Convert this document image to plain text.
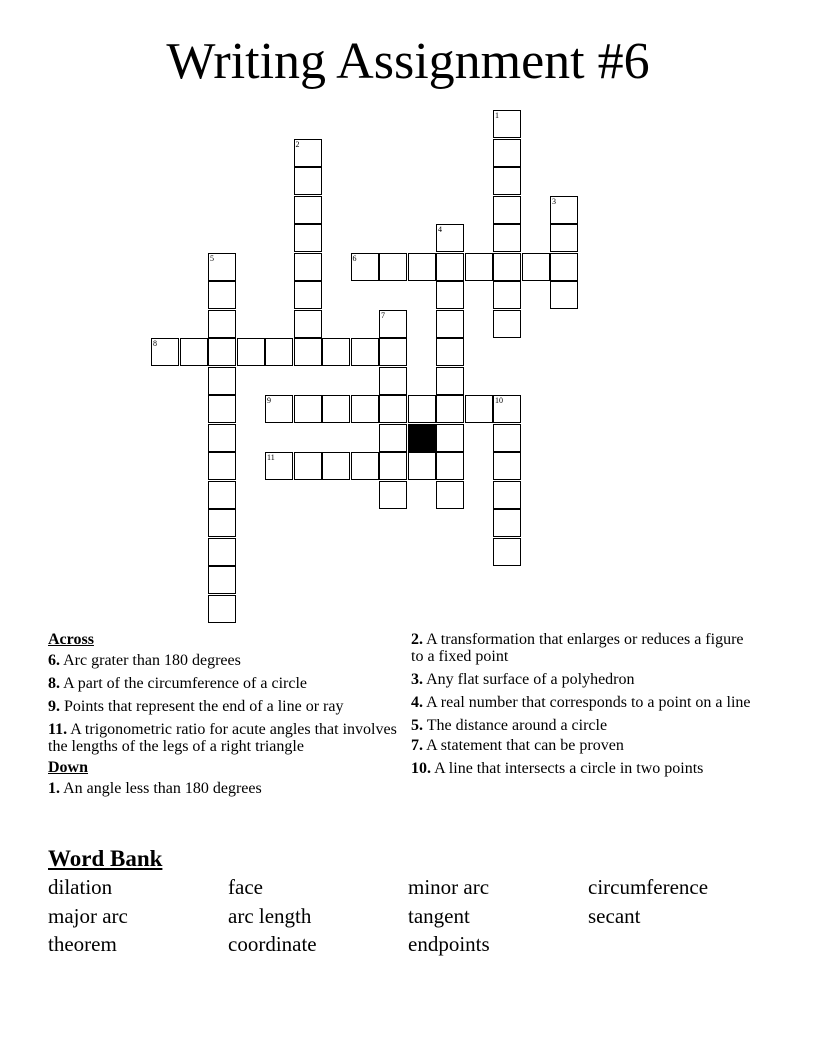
Writing Assignment #6
1
2
3
4
5	6
7
8
9	10
11
Across
6. Arc grater than 180 degrees
8. A part of the circumference of a circle
9. Points that represent the end of a line or ray
11. A trigonometric ratio for acute angles that involves the lengths of the legs of a right triangle
Down
1. An angle less than 180 degrees
2. A transformation that enlarges or reduces a figure to a fixed point
3. Any flat surface of a polyhedron
4. A real number that corresponds to a point on a line
5. The distance around a circle
7. A statement that can be proven
10. A line that intersects a circle in two points
Word Bank
dilation	face	minor arc	circumference
major arc	arc length	tangent	secant
theorem	coordinate	endpoints
